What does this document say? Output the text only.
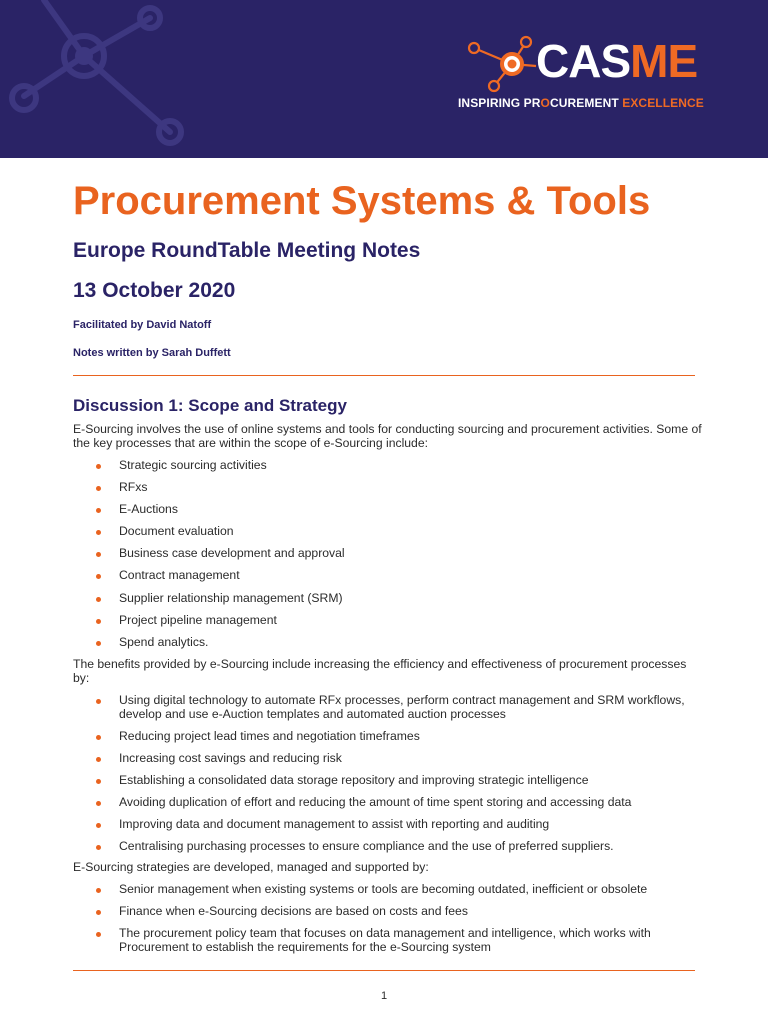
CASME
INSPIRING PROCUREMENT EXCELLENCE
Procurement Systems & Tools
Europe RoundTable Meeting Notes
13 October 2020
Facilitated by David Natoff
Notes written by Sarah Duffett
Discussion 1: Scope and Strategy

E-Sourcing involves the use of online systems and tools for conducting sourcing and procurement activities. Some of the key processes that are within the scope of e-Sourcing include:

Strategic sourcing activities
RFxs
E-Auctions
Document evaluation
Business case development and approval
Contract management
Supplier relationship management (SRM)
Project pipeline management
Spend analytics.

The benefits provided by e-Sourcing include increasing the efficiency and effectiveness of procurement processes by:

Using digital technology to automate RFx processes, perform contract management and SRM workflows, develop and use e-Auction templates and automated auction processes
Reducing project lead times and negotiation timeframes
Increasing cost savings and reducing risk
Establishing a consolidated data storage repository and improving strategic intelligence
Avoiding duplication of effort and reducing the amount of time spent storing and accessing data
Improving data and document management to assist with reporting and auditing
Centralising purchasing processes to ensure compliance and the use of preferred suppliers.

E-Sourcing strategies are developed, managed and supported by:

Senior management when existing systems or tools are becoming outdated, inefficient or obsolete
Finance when e-Sourcing decisions are based on costs and fees
The procurement policy team that focuses on data management and intelligence, which works with Procurement to establish the requirements for the e-Sourcing system
1
